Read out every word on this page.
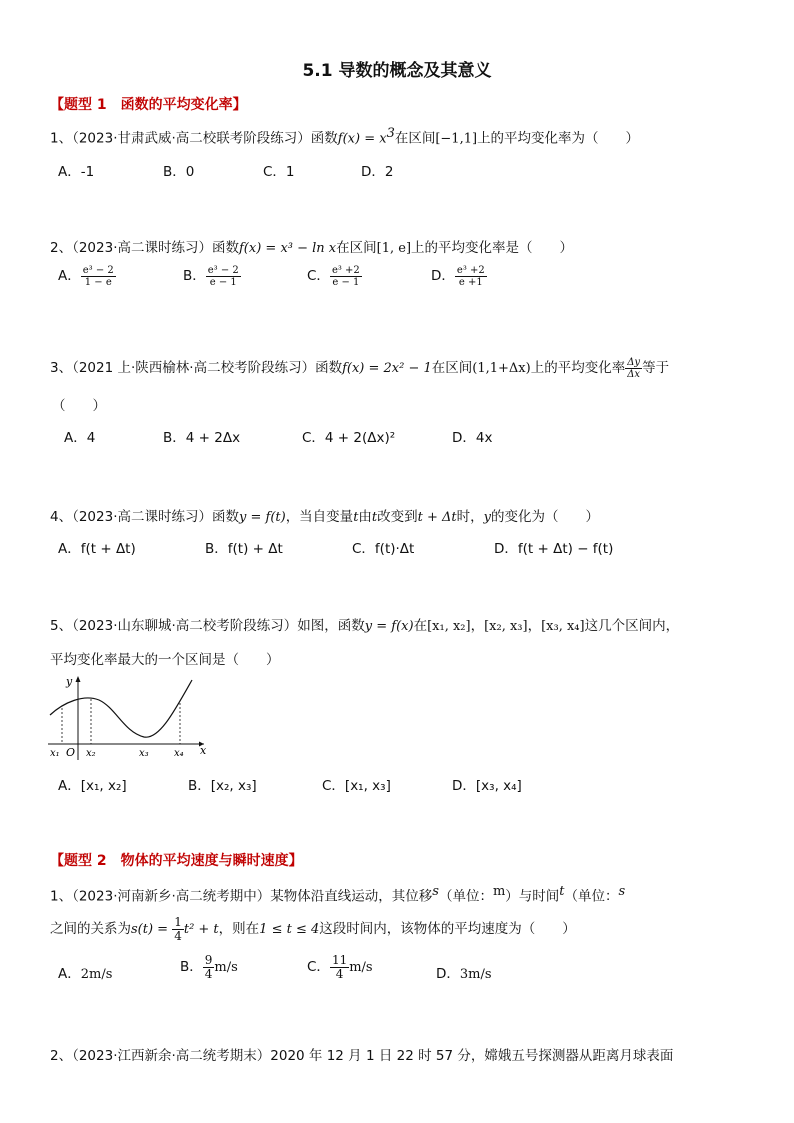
5.1 导数的概念及其意义
【题型 1　函数的平均变化率】
1、（2023·甘肃武威·高二校联考阶段练习）函数$f(x) = x^3$在区间[−1,1]上的平均变化率为（　　）
A．-1	B．0	C．1	D．2
2、（2023·高二课时练习）函数f(x) = x³ − ln x在区间[1, e]上的平均变化率是（　　）
A． $\frac{\text{e³ − 2}}{1 - e}$	B． $\frac{\text{e³ − 2}}{e - 1}$	C． $\frac{\text{e³ +2}}{e - 1}$	D． $\frac{\text{e³ +2}}{e +1}$
3、（2021 上·陕西榆林·高二校考阶段练习）函数f(x) = 2x² − 1在区间(1,1+Δx)上的平均变化率 $\frac{\Delta y}{\Delta x}$ 等于
（　　）
A．4	B．4 + 2Δx	C．4 + 2(Δx)²	D．4x
4、（2023·高二课时练习）函数y = f(t)，当自变量t由t改变到t + Δt时，y的变化为（　　）
A．f(t + Δt)	B．f(t) + Δt	C．f(t)·Δt	D．f(t + Δt) − f(t)
5、（2023·山东聊城·高二校考阶段练习）如图，函数y = f(x)在[x₁, x₂]，[x₂, x₃]，[x₃, x₄]这几个区间内，
平均变化率最大的一个区间是（　　）
y
x
O
x₁	x₂	x₃	x₄
A．[x₁, x₂]	B．[x₂, x₃]	C．[x₁, x₃]	D．[x₃, x₄]
【题型 2　物体的平均速度与瞬时速度】
1、（2023·河南新乡·高二统考期中）某物体沿直线运动，其位移$^s$（单位：$^m$）与时间$^t$（单位：$^s$
之间的关系为$s(t) = \frac{1}{4} t^2 + t$，则在1 ≤ t ≤ 4这段时间内，该物体的平均速度为（　　）
A．2m/s	B． $\frac{9}{4} m/s$	C． $\frac{11}{4} m/s$	D．3m/s
2、（2023·江西新余·高二统考期末）2020 年 12 月 1 日 22 时 57 分，嫦娥五号探测器从距离月球表面
